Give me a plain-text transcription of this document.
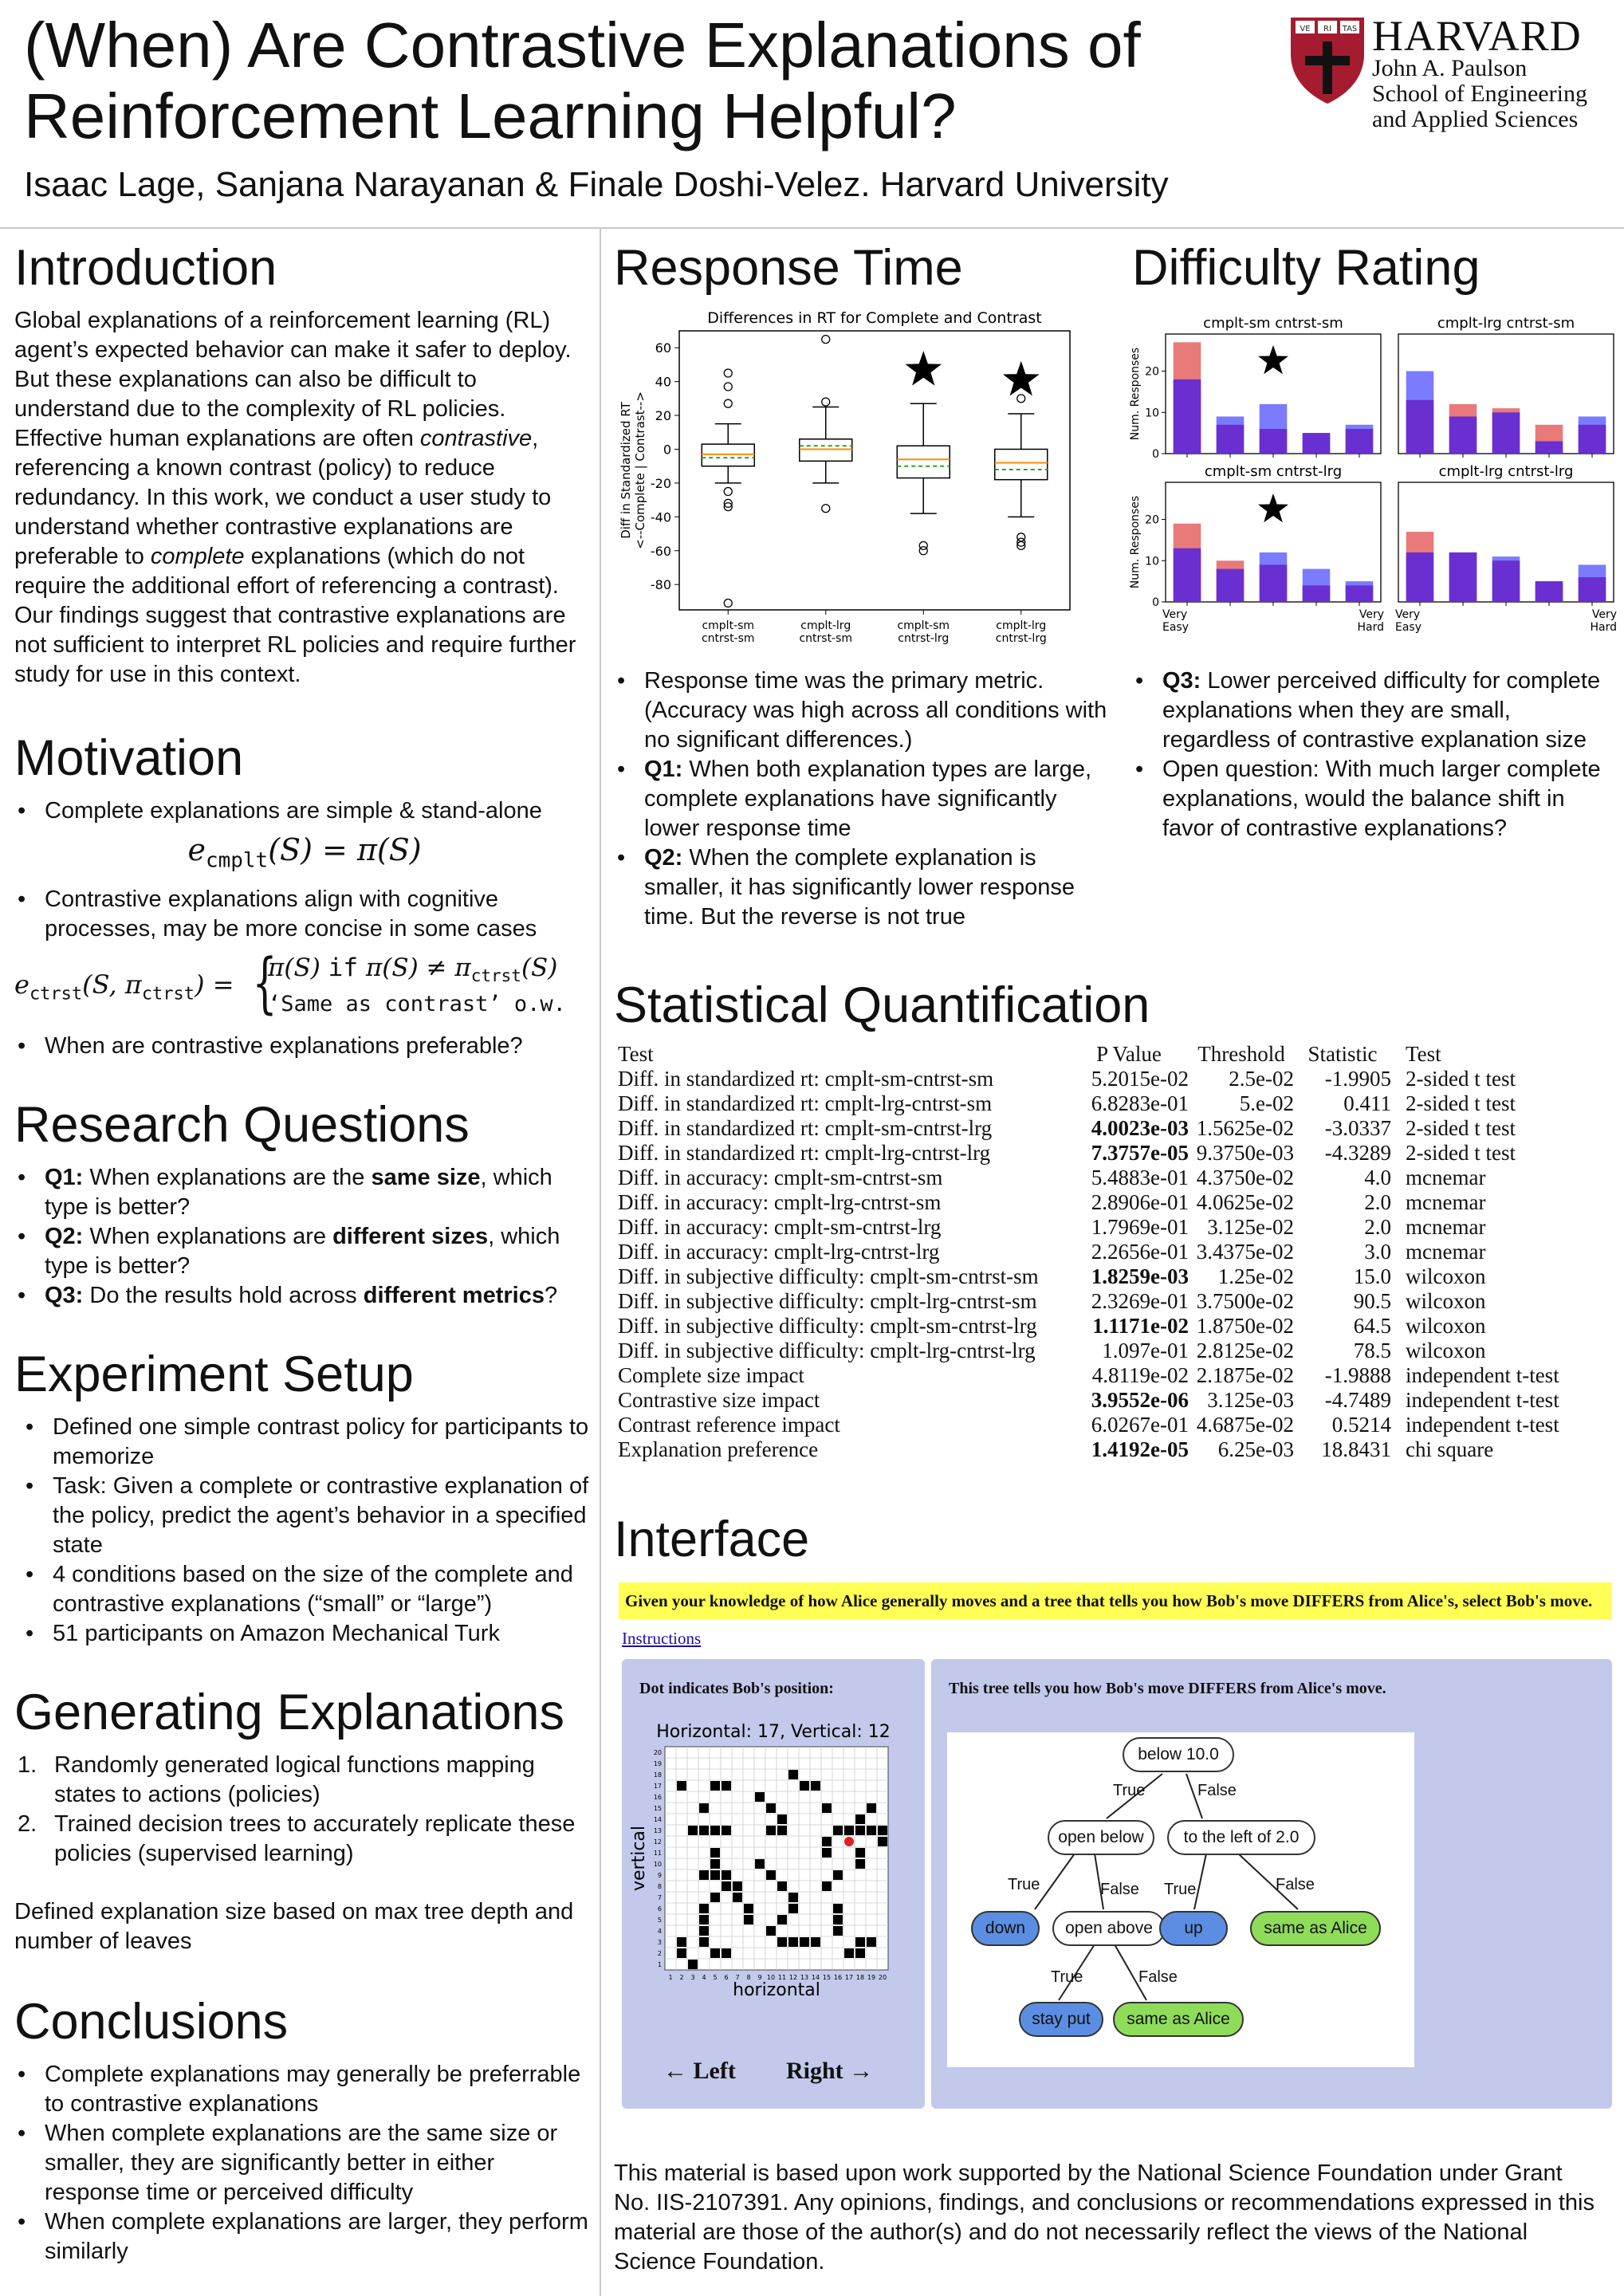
(When) Are Contrastive Explanations of
Reinforcement Learning Helpful?
Isaac Lage, Sanjana Narayanan & Finale Doshi-Velez. Harvard University
VE RI TAS HARVARD
John A. Paulson
School of Engineering
and Applied Sciences
Introduction
Global explanations of a reinforcement learning (RL) agent’s expected behavior can make it safer to deploy. But these explanations can also be difficult to understand due to the complexity of RL policies. Effective human explanations are often contrastive, referencing a known contrast (policy) to reduce redundancy. In this work, we conduct a user study to understand whether contrastive explanations are preferable to complete explanations (which do not require the additional effort of referencing a contrast). Our findings suggest that contrastive explanations are not sufficient to interpret RL policies and require further study for use in this context.
Motivation
• Complete explanations are simple & stand-alone
$e_{cmplt}(S) = \pi(S)$
• Contrastive explanations align with cognitive processes, may be more concise in some cases
$e_{ctrst}(S$, $\pi_{ctrst}$) = {
π(S) if $\pi(S) \ne \pi_{ctrst}(S)$
‘Same as contrast’ o.w.
• When are contrastive explanations preferable?
Research Questions
• Q1: When explanations are the same size, which type is better?
• Q2: When explanations are different sizes, which type is better?
• Q3: Do the results hold across different metrics?
Experiment Setup
• Defined one simple contrast policy for participants to memorize
• Task: Given a complete or contrastive explanation of the policy, predict the agent’s behavior in a specified state
• 4 conditions based on the size of the complete and contrastive explanations (“small” or “large”)
• 51 participants on Amazon Mechanical Turk
Generating Explanations
1. Randomly generated logical functions mapping states to actions (policies)
2. Trained decision trees to accurately replicate these policies (supervised learning)
Defined explanation size based on max tree depth and number of leaves
Conclusions
• Complete explanations may generally be preferrable to contrastive explanations
• When complete explanations are the same size or smaller, they are significantly better in either response time or perceived difficulty
• When complete explanations are larger, they perform similarly
Response Time
Differences in RT for Complete and Contrast
60
40
20
0
-20
-40
-60
-80
Diff in Standardized RT <--Complete | Contrast-->
cmplt-sm
cntrst-sm
cmplt-lrg
cntrst-sm
cmplt-sm
cntrst-lrg
cmplt-lrg
cntrst-lrg
• Response time was the primary metric. (Accuracy was high across all conditions with no significant differences.)
• Q1: When both explanation types are large, complete explanations have significantly lower response time
• Q2: When the complete explanation is smaller, it has significantly lower response time. But the reverse is not true
Difficulty Rating
cmplt-sm cntrst-sm
0
10
20
Num. Responses
cmplt-lrg cntrst-sm
cmplt-sm cntrst-lrg
0
10
20
Num. Responses
Very
Easy
Very
Hard
cmplt-lrg cntrst-lrg
Very
Easy
Very
Hard
• Q3: Lower perceived difficulty for complete explanations when they are small, regardless of contrastive explanation size
• Open question: With much larger complete explanations, would the balance shift in favor of contrastive explanations?
Statistical Quantification
Test	P Value	Threshold	Statistic	Test
Diff. in standardized rt: cmplt-sm-cntrst-sm	5.2015e-02	2.5e-02	-1.9905	2-sided t test
Diff. in standardized rt: cmplt-lrg-cntrst-sm	6.8283e-01	5.e-02	0.411	2-sided t test
Diff. in standardized rt: cmplt-sm-cntrst-lrg	4.0023e-03	1.5625e-02	-3.0337	2-sided t test
Diff. in standardized rt: cmplt-lrg-cntrst-lrg	7.3757e-05	9.3750e-03	-4.3289	2-sided t test
Diff. in accuracy: cmplt-sm-cntrst-sm	5.4883e-01	4.3750e-02	4.0	mcnemar
Diff. in accuracy: cmplt-lrg-cntrst-sm	2.8906e-01	4.0625e-02	2.0	mcnemar
Diff. in accuracy: cmplt-sm-cntrst-lrg	1.7969e-01	3.125e-02	2.0	mcnemar
Diff. in accuracy: cmplt-lrg-cntrst-lrg	2.2656e-01	3.4375e-02	3.0	mcnemar
Diff. in subjective difficulty: cmplt-sm-cntrst-sm	1.8259e-03	1.25e-02	15.0	wilcoxon
Diff. in subjective difficulty: cmplt-lrg-cntrst-sm	2.3269e-01	3.7500e-02	90.5	wilcoxon
Diff. in subjective difficulty: cmplt-sm-cntrst-lrg	1.1171e-02	1.8750e-02	64.5	wilcoxon
Diff. in subjective difficulty: cmplt-lrg-cntrst-lrg	1.097e-01	2.8125e-02	78.5	wilcoxon
Complete size impact	4.8119e-02	2.1875e-02	-1.9888	independent t-test
Contrastive size impact	3.9552e-06	3.125e-03	-4.7489	independent t-test
Contrast reference impact	6.0267e-01	4.6875e-02	0.5214	independent t-test
Explanation preference	1.4192e-05	6.25e-03	18.8431	chi square
Interface
Given your knowledge of how Alice generally moves and a tree that tells you how Bob's move DIFFERS from Alice's, select Bob's move.
Instructions
Dot indicates Bob's position:
Horizontal: 17, Vertical: 12
1
1
2
2
3
3
4
4
5
5
6
6
7
7
8
8
9
9
10
10
11
11
12
12
13
13
14
14
15
15
16
16
17
17
18
18
19
19
20
20
horizontal
vertical
← Left Right →
This tree tells you how Bob's move DIFFERS from Alice's move.
below 10.0
True	False
open below	to the left of 2.0
True	False True	False
down	open above	up	same as Alice
True	False
stay put	same as Alice
This material is based upon work supported by the National Science Foundation under Grant No. IIS-2107391. Any opinions, findings, and conclusions or recommendations expressed in this material are those of the author(s) and do not necessarily reflect the views of the National Science Foundation.
